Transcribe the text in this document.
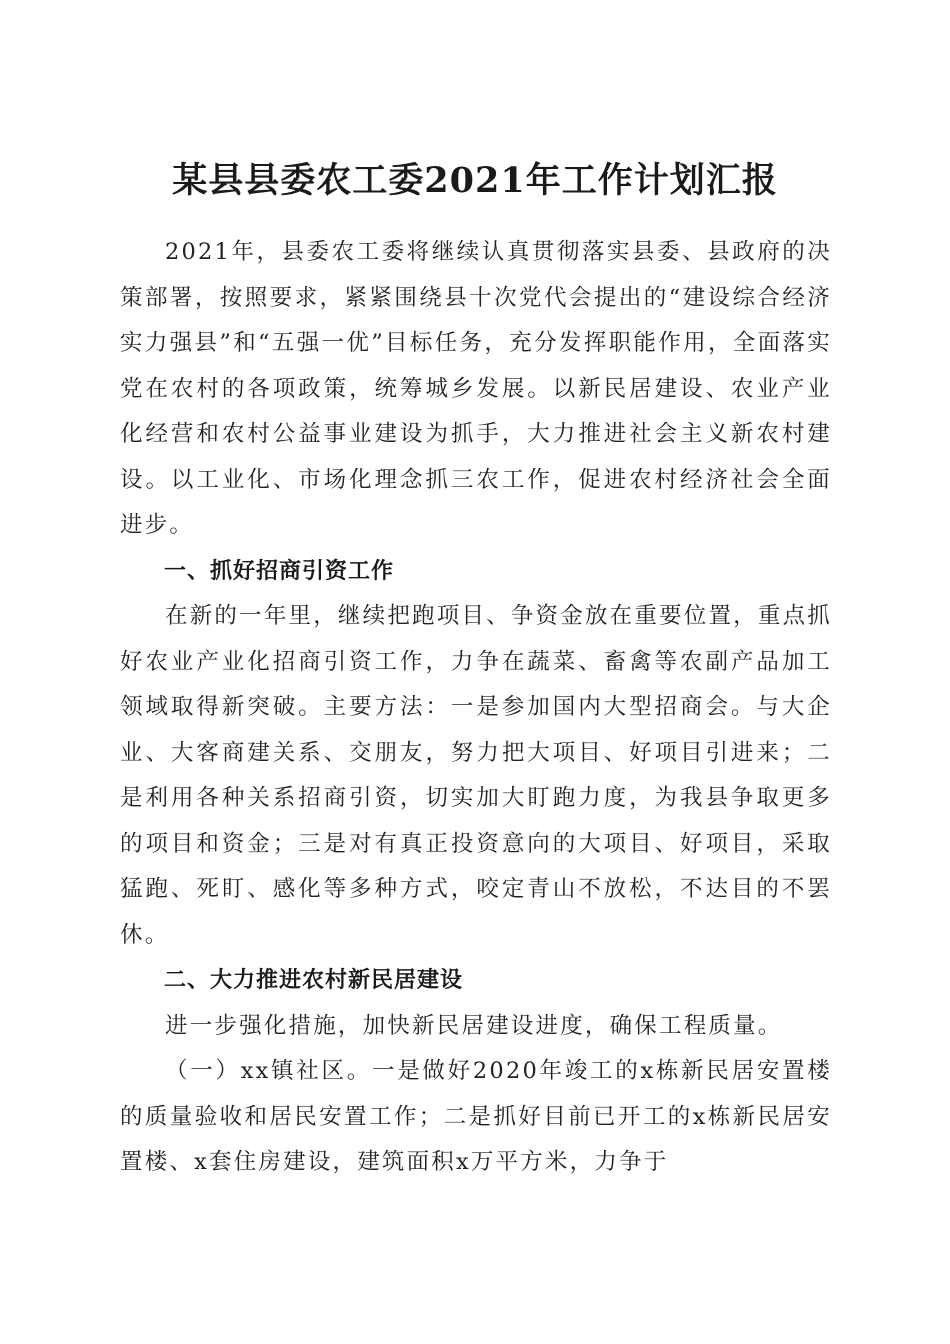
某县县委农工委2021年工作计划汇报

2021年，县委农工委将继续认真贯彻落实县委、县政府的决策部署，按照要求，紧紧围绕县十次党代会提出的“建设综合经济实力强县”和“五强一优”目标任务，充分发挥职能作用，全面落实党在农村的各项政策，统筹城乡发展。以新民居建设、农业产业化经营和农村公益事业建设为抓手，大力推进社会主义新农村建设。以工业化、市场化理念抓三农工作，促进农村经济社会全面进步。

一、抓好招商引资工作

在新的一年里，继续把跑项目、争资金放在重要位置，重点抓好农业产业化招商引资工作，力争在蔬菜、畜禽等农副产品加工领域取得新突破。主要方法：一是参加国内大型招商会。与大企业、大客商建关系、交朋友，努力把大项目、好项目引进来；二是利用各种关系招商引资，切实加大盯跑力度，为我县争取更多的项目和资金；三是对有真正投资意向的大项目、好项目，采取猛跑、死盯、感化等多种方式，咬定青山不放松，不达目的不罢休。

二、大力推进农村新民居建设

进一步强化措施，加快新民居建设进度，确保工程质量。

（一）xx镇社区。一是做好2020年竣工的x栋新民居安置楼的质量验收和居民安置工作；二是抓好目前已开工的x栋新民居安置楼、x套住房建设，建筑面积x万平方米，力争于
